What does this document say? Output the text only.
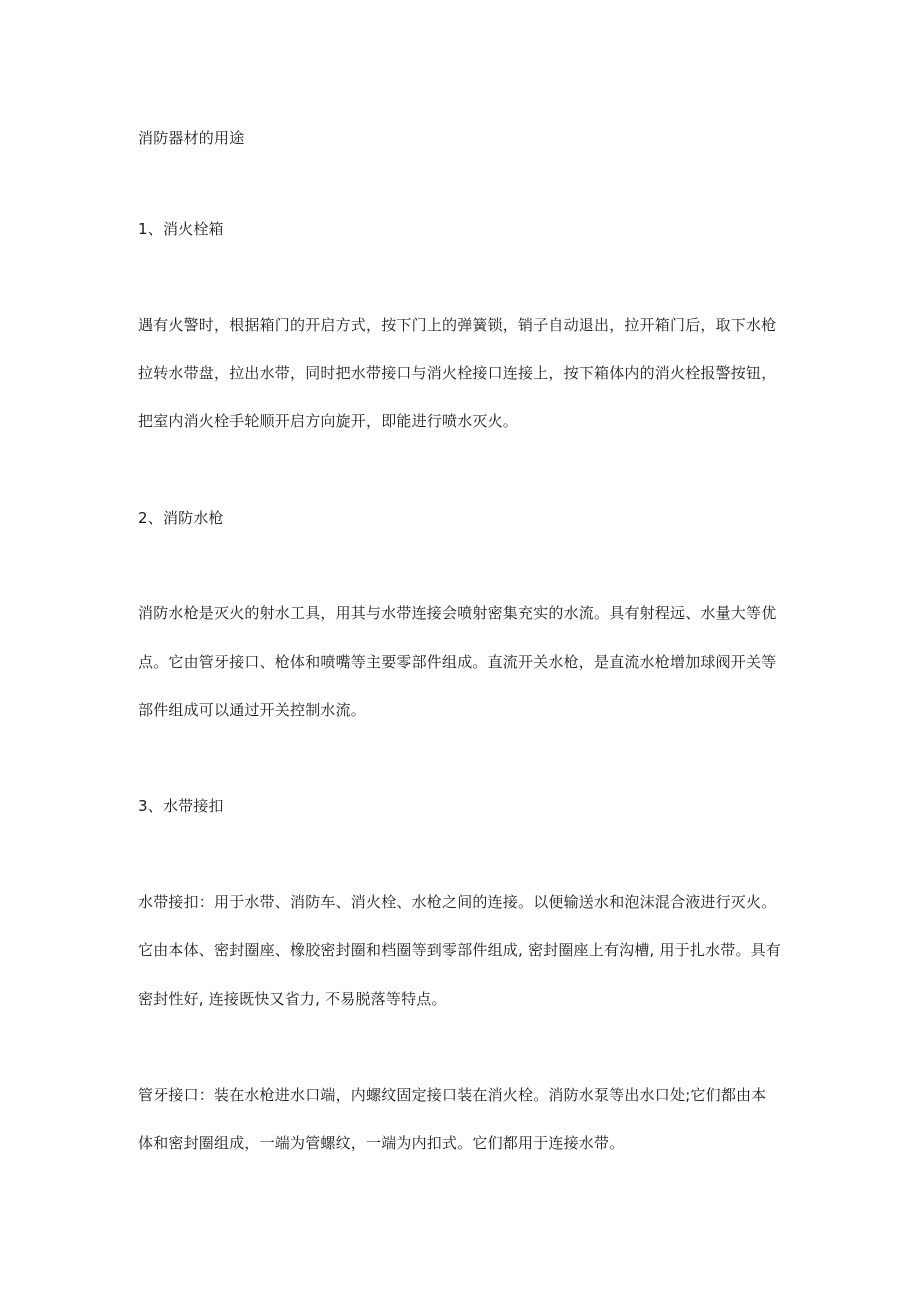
消防器材的用途
1、消火栓箱
遇有火警时，根据箱门的开启方式，按下门上的弹簧锁，销子自动退出，拉开箱门后，取下水枪
拉转水带盘，拉出水带，同时把水带接口与消火栓接口连接上，按下箱体内的消火栓报警按钮，
把室内消火栓手轮顺开启方向旋开，即能进行喷水灭火。
2、消防水枪
消防水枪是灭火的射水工具，用其与水带连接会喷射密集充实的水流。具有射程远、水量大等优
点。它由管牙接口、枪体和喷嘴等主要零部件组成。直流开关水枪，是直流水枪增加球阀开关等
部件组成可以通过开关控制水流。
3、水带接扣
水带接扣：用于水带、消防车、消火栓、水枪之间的连接。以便输送水和泡沫混合液进行灭火。
它由本体、密封圈座、橡胶密封圈和档圈等到零部件组成, 密封圈座上有沟槽, 用于扎水带。具有
密封性好, 连接既快又省力, 不易脱落等特点。
管牙接口：装在水枪进水口端，内螺纹固定接口装在消火栓。消防水泵等出水口处;它们都由本
体和密封圈组成，一端为管螺纹，一端为内扣式。它们都用于连接水带。
